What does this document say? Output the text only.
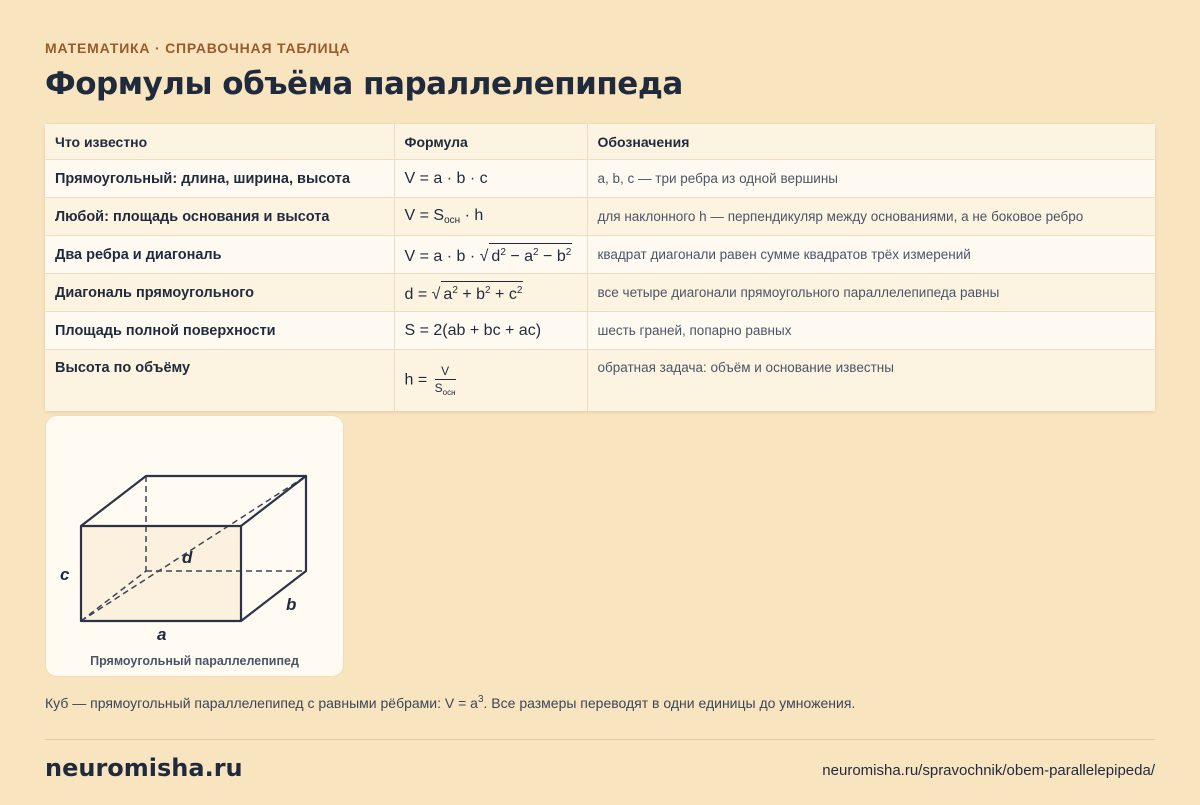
МАТЕМАТИКА · СПРАВОЧНАЯ ТАБЛИЦА
Формулы объёма параллелепипеда
Что известно	Формула	Обозначения
Прямоугольный: длина, ширина, высота	V = a · b · c	a, b, c — три ребра из одной вершины
Любой: площадь основания и высота	$V = S_{осн} \cdot h$	для наклонного h — перпендикуляр между основаниями, а не боковое ребро
Два ребра и диагональ	V = a · b · √ $d^2 - a^2 - b^2$	квадрат диагонали равен сумме квадратов трёх измерений
Диагональ прямоугольного	d = √ $a^2 + b^2 + c^2$	все четыре диагонали прямоугольного параллелепипеда равны
Площадь полной поверхности	S = 2(ab + bc + ac)	шесть граней, попарно равных
Высота по объёму	$h = \frac{V}{S_{осн}}$	обратная задача: объём и основание известны
d
c
b
a
Прямоугольный параллелепипед
Куб — прямоугольный параллелепипед с равными рёбрами: $V = a^3$. Все размеры переводят в одни единицы до умножения.
neuromisha.ru	neuromisha.ru/spravochnik/obem-parallelepipeda/
